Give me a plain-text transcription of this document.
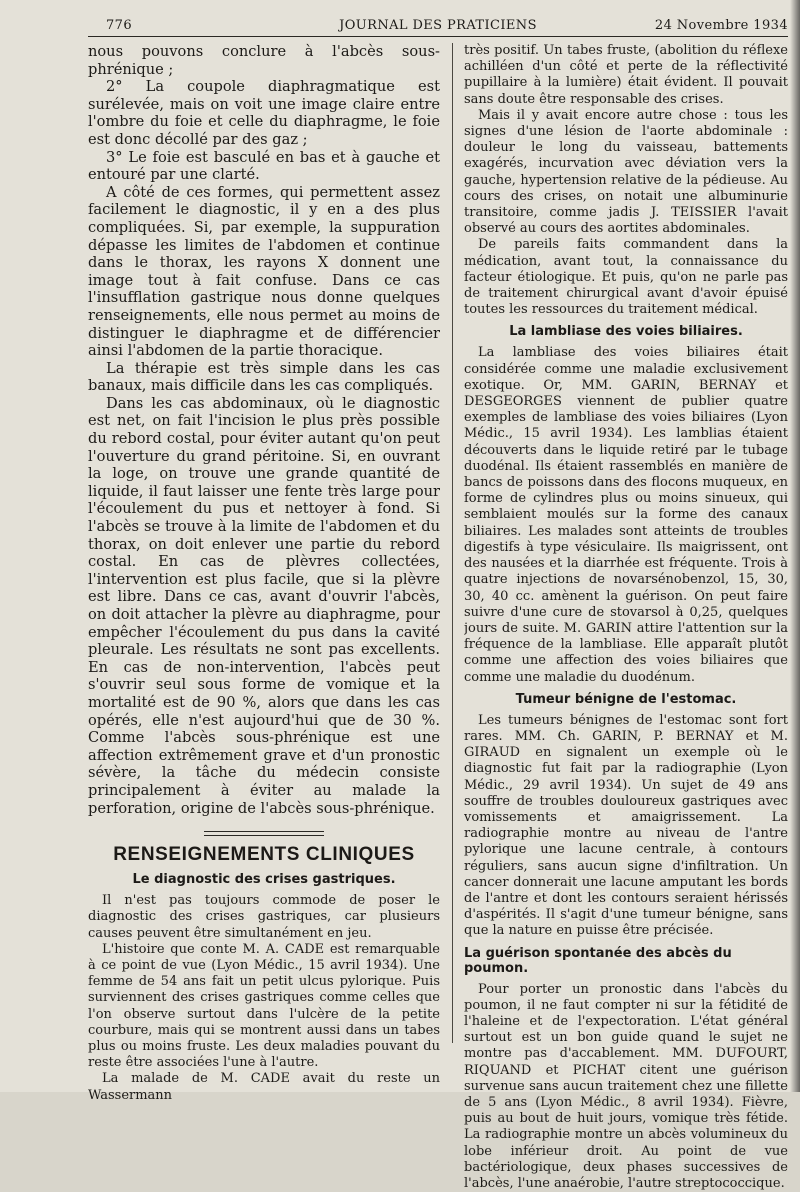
776	JOURNAL DES PRATICIENS	24 Novembre 1934

nous pouvons conclure à l'abcès sous-phrénique ;

2° La coupole diaphragmatique est surélevée, mais on voit une image claire entre l'ombre du foie et celle du diaphragme, le foie est donc décollé par des gaz ;

3° Le foie est basculé en bas et à gauche et entouré par une clarté.

A côté de ces formes, qui permettent assez facilement le diagnostic, il y en a des plus compliquées. Si, par exemple, la suppuration dépasse les limites de l'abdomen et continue dans le thorax, les rayons X donnent une image tout à fait confuse. Dans ce cas l'insufflation gastrique nous donne quelques renseignements, elle nous permet au moins de distinguer le diaphragme et de différencier ainsi l'abdomen de la partie thoracique.

La thérapie est très simple dans les cas banaux, mais difficile dans les cas compliqués.

Dans les cas abdominaux, où le diagnostic est net, on fait l'incision le plus près possible du rebord costal, pour éviter autant qu'on peut l'ouverture du grand péritoine. Si, en ouvrant la loge, on trouve une grande quantité de liquide, il faut laisser une fente très large pour l'écoulement du pus et nettoyer à fond. Si l'abcès se trouve à la limite de l'abdomen et du thorax, on doit enlever une partie du rebord costal. En cas de plèvres collectées, l'intervention est plus facile, que si la plèvre est libre. Dans ce cas, avant d'ouvrir l'abcès, on doit attacher la plèvre au diaphragme, pour empêcher l'écoulement du pus dans la cavité pleurale. Les résultats ne sont pas excellents. En cas de non-intervention, l'abcès peut s'ouvrir seul sous forme de vomique et la mortalité est de 90 %, alors que dans les cas opérés, elle n'est aujourd'hui que de 30 %. Comme l'abcès sous-phrénique est une affection extrêmement grave et d'un pronostic sévère, la tâche du médecin consiste principalement à éviter au malade la perforation, origine de l'abcès sous-phrénique.

RENSEIGNEMENTS CLINIQUES
Le diagnostic des crises gastriques.

Il n'est pas toujours commode de poser le diagnostic des crises gastriques, car plusieurs causes peuvent être simultanément en jeu.

L'histoire que conte M. A. CADE est remarquable à ce point de vue (Lyon Médic., 15 avril 1934). Une femme de 54 ans fait un petit ulcus pylorique. Puis surviennent des crises gastriques comme celles que l'on observe surtout dans l'ulcère de la petite courbure, mais qui se montrent aussi dans un tabes plus ou moins fruste. Les deux maladies pouvant du reste être associées l'une à l'autre.

La malade de M. CADE avait du reste un Wassermann

très positif. Un tabes fruste, (abolition du réflexe achilléen d'un côté et perte de la réflectivité pupillaire à la lumière) était évident. Il pouvait sans doute être responsable des crises.

Mais il y avait encore autre chose : tous les signes d'une lésion de l'aorte abdominale : douleur le long du vaisseau, battements exagérés, incurvation avec déviation vers la gauche, hypertension relative de la pédieuse. Au cours des crises, on notait une albuminurie transitoire, comme jadis J. TEISSIER l'avait observé au cours des aortites abdominales.

De pareils faits commandent dans la médication, avant tout, la connaissance du facteur étiologique. Et puis, qu'on ne parle pas de traitement chirurgical avant d'avoir épuisé toutes les ressources du traitement médical.

La lambliase des voies biliaires.

La lambliase des voies biliaires était considérée comme une maladie exclusivement exotique. Or, MM. GARIN, BERNAY et DESGEORGES viennent de publier quatre exemples de lambliase des voies biliaires (Lyon Médic., 15 avril 1934). Les lamblias étaient découverts dans le liquide retiré par le tubage duodénal. Ils étaient rassemblés en manière de bancs de poissons dans des flocons muqueux, en forme de cylindres plus ou moins sinueux, qui semblaient moulés sur la forme des canaux biliaires. Les malades sont atteints de troubles digestifs à type vésiculaire. Ils maigrissent, ont des nausées et la diarrhée est fréquente. Trois à quatre injections de novarsénobenzol, 15, 30, 30, 40 cc. amènent la guérison. On peut faire suivre d'une cure de stovarsol à 0,25, quelques jours de suite. M. GARIN attire l'attention sur la fréquence de la lambliase. Elle apparaît plutôt comme une affection des voies biliaires que comme une maladie du duodénum.

Tumeur bénigne de l'estomac.

Les tumeurs bénignes de l'estomac sont fort rares. MM. Ch. GARIN, P. BERNAY et M. GIRAUD en signalent un exemple où le diagnostic fut fait par la radiographie (Lyon Médic., 29 avril 1934). Un sujet de 49 ans souffre de troubles douloureux gastriques avec vomissements et amaigrissement. La radiographie montre au niveau de l'antre pylorique une lacune centrale, à contours réguliers, sans aucun signe d'infiltration. Un cancer donnerait une lacune amputant les bords de l'antre et dont les contours seraient hérissés d'aspérités. Il s'agit d'une tumeur bénigne, sans que la nature en puisse être précisée.

La guérison spontanée des abcès du poumon.

Pour porter un pronostic dans l'abcès du poumon, il ne faut compter ni sur la fétidité de l'haleine et de l'expectoration. L'état général surtout est un bon guide quand le sujet ne montre pas d'accablement. MM. DUFOURT, RIQUAND et PICHAT citent une guérison survenue sans aucun traitement chez une fillette de 5 ans (Lyon Médic., 8 avril 1934). Fièvre, puis au bout de huit jours, vomique très fétide. La radiographie montre un abcès volumineux du lobe inférieur droit. Au point de vue bactériologique, deux phases successives de l'abcès, l'une anaérobie, l'autre streptococcique.
